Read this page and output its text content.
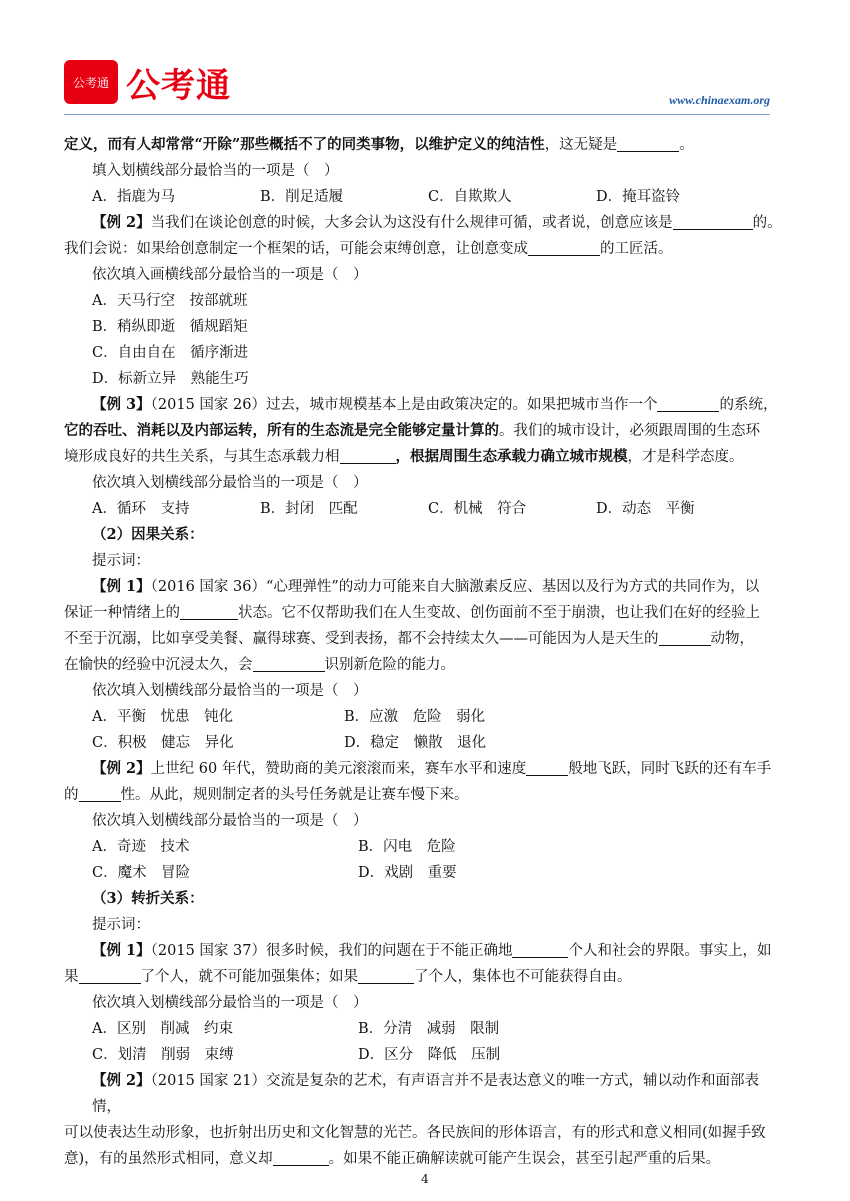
公考通 公考通	www.chinaexam.org

定义，而有人却常常“开除”那些概括不了的同类事物，以维护定义的纯洁性，这无疑是	。

填入划横线部分最恰当的一项是（　）

A．指鹿为马	B．削足适履	C．自欺欺人	D．掩耳盗铃

【例 2】当我们在谈论创意的时候，大多会认为这没有什么规律可循，或者说，创意应该是	的。

我们会说：如果给创意制定一个框架的话，可能会束缚创意，让创意变成	的工匠活。

依次填入画横线部分最恰当的一项是（　）

A．天马行空　按部就班

B．稍纵即逝　循规蹈矩

C．自由自在　循序渐进

D．标新立异　熟能生巧

【例 3】（2015 国家 26）过去，城市规模基本上是由政策决定的。如果把城市当作一个	的系统，

它的吞吐、消耗以及内部运转，所有的生态流是完全能够定量计算的。我们的城市设计，必须跟周围的生态环

境形成良好的共生关系，与其生态承载力相	，根据周围生态承载力确立城市规模，才是科学态度。

依次填入划横线部分最恰当的一项是（　）

A．循环　支持	B．封闭　匹配	C．机械　符合	D．动态　平衡

（2）因果关系：

提示词：

【例 1】（2016 国家 36）“心理弹性”的动力可能来自大脑激素反应、基因以及行为方式的共同作为，以

保证一种情绪上的	状态。它不仅帮助我们在人生变故、创伤面前不至于崩溃，也让我们在好的经验上

不至于沉溺，比如享受美餐、赢得球赛、受到表扬，都不会持续太久——可能因为人是天生的	动物，

在愉快的经验中沉浸太久，会	识别新危险的能力。

依次填入划横线部分最恰当的一项是（　）

A．平衡　忧患　钝化	B．应激　危险　弱化
C．积极　健忘　异化	D．稳定　懒散　退化

【例 2】上世纪 60 年代，赞助商的美元滚滚而来，赛车水平和速度	般地飞跃，同时飞跃的还有车手

的	性。从此，规则制定者的头号任务就是让赛车慢下来。

依次填入划横线部分最恰当的一项是（　）

A．奇迹　技术	B．闪电　危险
C．魔术　冒险	D．戏剧　重要

（3）转折关系：

提示词：

【例 1】（2015 国家 37）很多时候，我们的问题在于不能正确地	个人和社会的界限。事实上，如

果	了个人，就不可能加强集体；如果	了个人，集体也不可能获得自由。

依次填入划横线部分最恰当的一项是（　）

A．区别　削减　约束	B．分清　减弱　限制
C．划清　削弱　束缚	D．区分　降低　压制

【例 2】（2015 国家 21）交流是复杂的艺术，有声语言并不是表达意义的唯一方式，辅以动作和面部表情，

可以使表达生动形象，也折射出历史和文化智慧的光芒。各民族间的形体语言，有的形式和意义相同(如握手致

意)，有的虽然形式相同，意义却	。如果不能正确解读就可能产生误会，甚至引起严重的后果。

4
